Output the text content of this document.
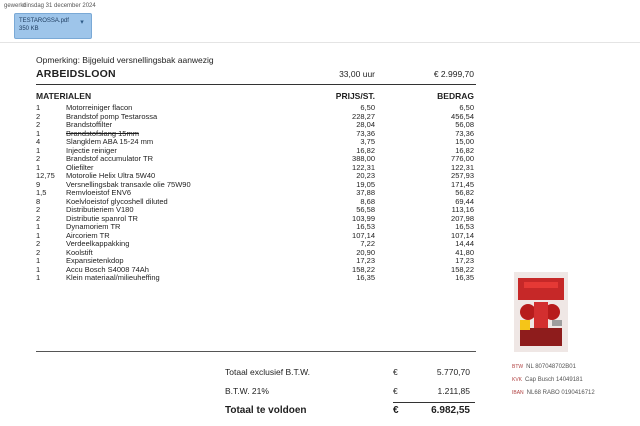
gewerkt
dinsdag 31 december 2024
TESTAROSSA.pdf
350 KB
▾
Opmerking: Bijgeluid versnellingsbak aanwezig
ARBEIDSLOON	33,00 uur	€ 2.999,70
MATERIALEN	PRIJS/ST.	BEDRAG
1	Motorreiniger flacon	6,50	6,50
2	Brandstof pomp Testarossa	228,27	456,54
2	Brandstoffilter	28,04	56,08
1	Brandstofslang 15mm	73,36	73,36
4	Slangklem ABA 15-24 mm	3,75	15,00
1	Injectie reiniger	16,82	16,82
2	Brandstof accumulator TR	388,00	776,00
1	Oliefilter	122,31	122,31
12,75 Motorolie Helix Ultra 5W40	20,23	257,93
9	Versnellingsbak transaxle olie 75W90	19,05	171,45
1,5	Remvloeistof ENV6	37,88	56,82
8	Koelvloeistof glycoshell diluted	8,68	69,44
2	Distributieriem V180	56,58	113,16
2	Distributie spanrol TR	103,99	207,98
1	Dynamoriem TR	16,53	16,53
1	Aircoriem TR	107,14	107,14
2	Verdeelkappakking	7,22	14,44
2	Koolstift	20,90	41,80
1	Expansietenkdop	17,23	17,23
1	Accu Bosch S4008 74Ah	158,22	158,22
1	Klein materiaal/milieuheffing	16,35	16,35
Totaal exclusief B.T.W.	€	5.770,70
B.T.W. 21%	€	1.211,85
Totaal te voldoen	€	6.982,55
BTW NL 807048702B01
KVK Cap Busch 14049181
IBAN NL68 RABO 0190416712
